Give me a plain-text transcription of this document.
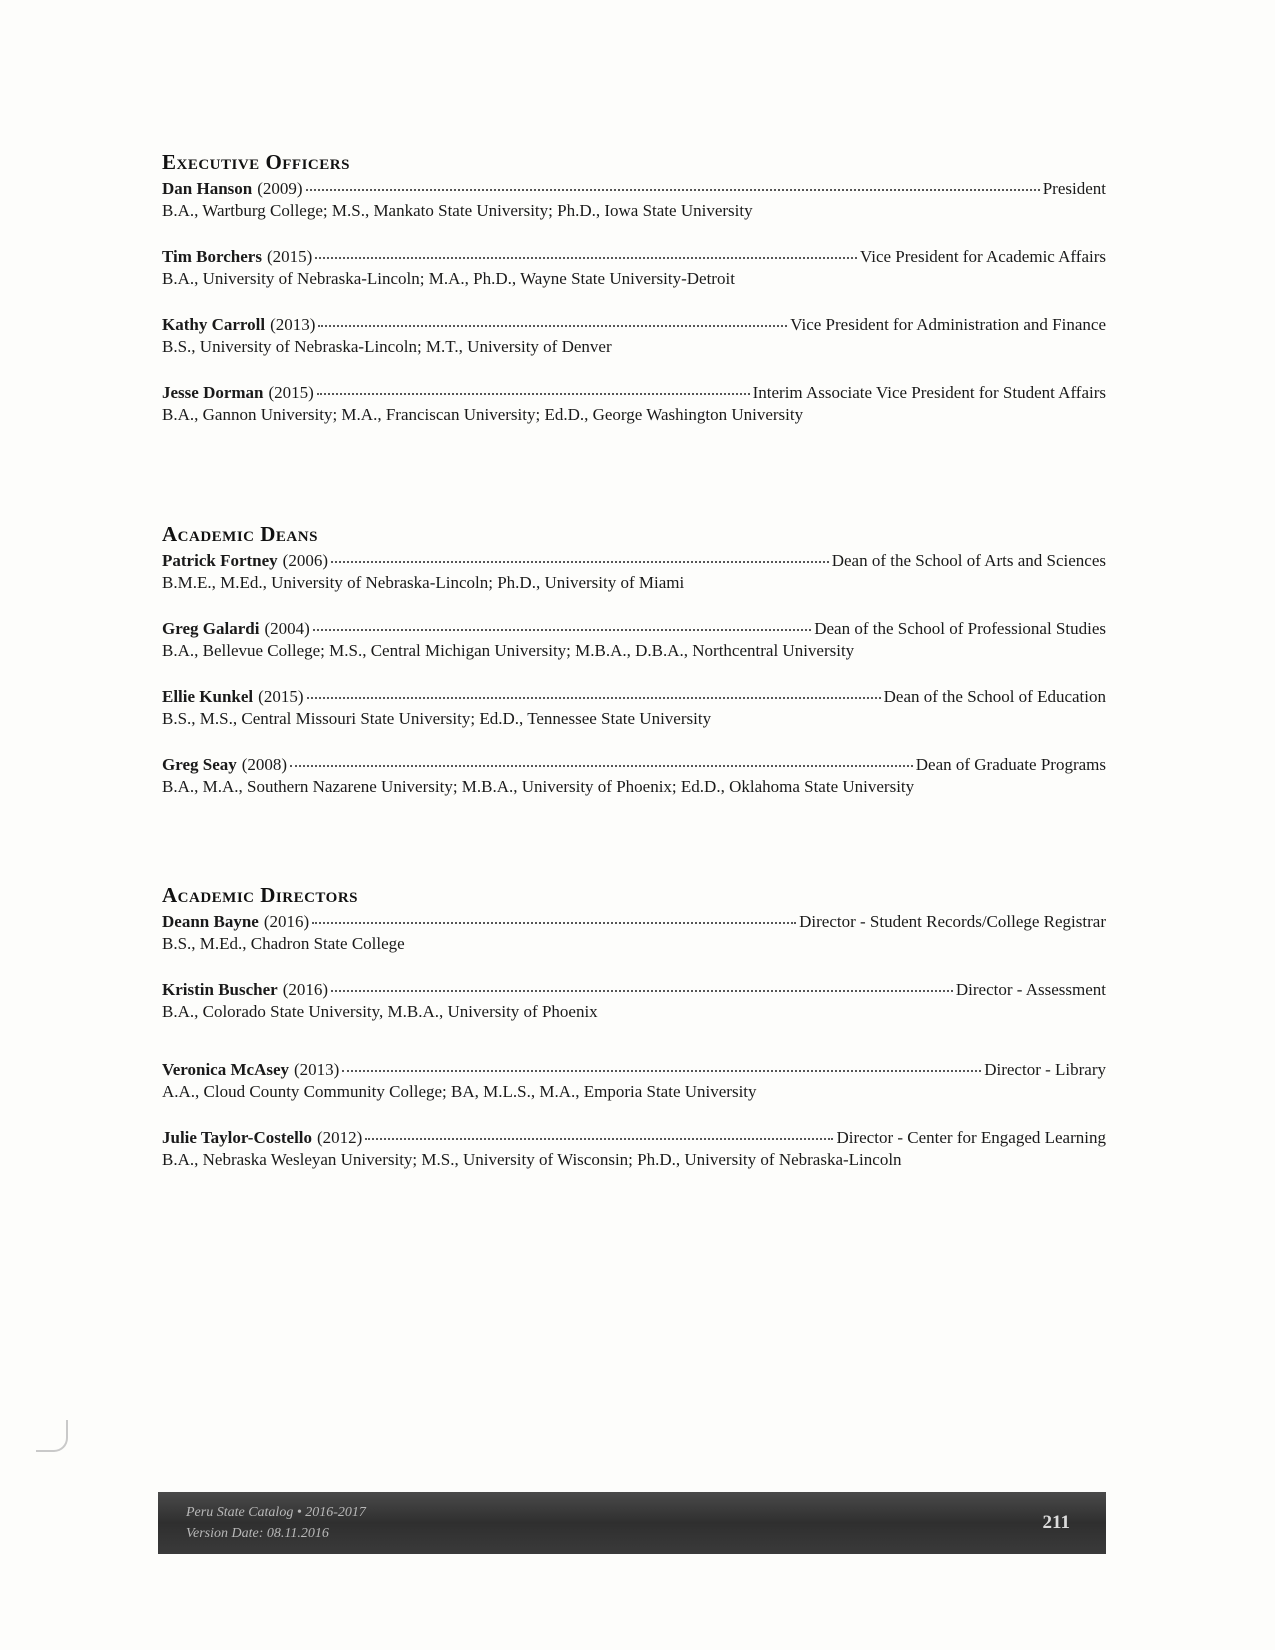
Executive Officers
Dan Hanson (2009)	President
B.A., Wartburg College; M.S., Mankato State University; Ph.D., Iowa State University
Tim Borchers (2015)	Vice President for Academic Affairs
B.A., University of Nebraska-Lincoln; M.A., Ph.D., Wayne State University-Detroit
Kathy Carroll (2013)	Vice President for Administration and Finance
B.S., University of Nebraska-Lincoln; M.T., University of Denver
Jesse Dorman (2015)	Interim Associate Vice President for Student Affairs
B.A., Gannon University; M.A., Franciscan University; Ed.D., George Washington University
Academic Deans
Patrick Fortney (2006)	Dean of the School of Arts and Sciences
B.M.E., M.Ed., University of Nebraska-Lincoln; Ph.D., University of Miami
Greg Galardi (2004)	Dean of the School of Professional Studies
B.A., Bellevue College; M.S., Central Michigan University; M.B.A., D.B.A., Northcentral University
Ellie Kunkel (2015)	Dean of the School of Education
B.S., M.S., Central Missouri State University; Ed.D., Tennessee State University
Greg Seay (2008)	Dean of Graduate Programs
B.A., M.A., Southern Nazarene University; M.B.A., University of Phoenix; Ed.D., Oklahoma State University
Academic Directors
Deann Bayne (2016)	Director - Student Records/College Registrar
B.S., M.Ed., Chadron State College
Kristin Buscher (2016)	Director - Assessment
B.A., Colorado State University, M.B.A., University of Phoenix
Veronica McAsey (2013)	Director - Library
A.A., Cloud County Community College; BA, M.L.S., M.A., Emporia State University
Julie Taylor-Costello (2012)	Director - Center for Engaged Learning
B.A., Nebraska Wesleyan University; M.S., University of Wisconsin; Ph.D., University of Nebraska-Lincoln
Peru State Catalog • 2016-2017
Version Date: 08.11.2016
211
